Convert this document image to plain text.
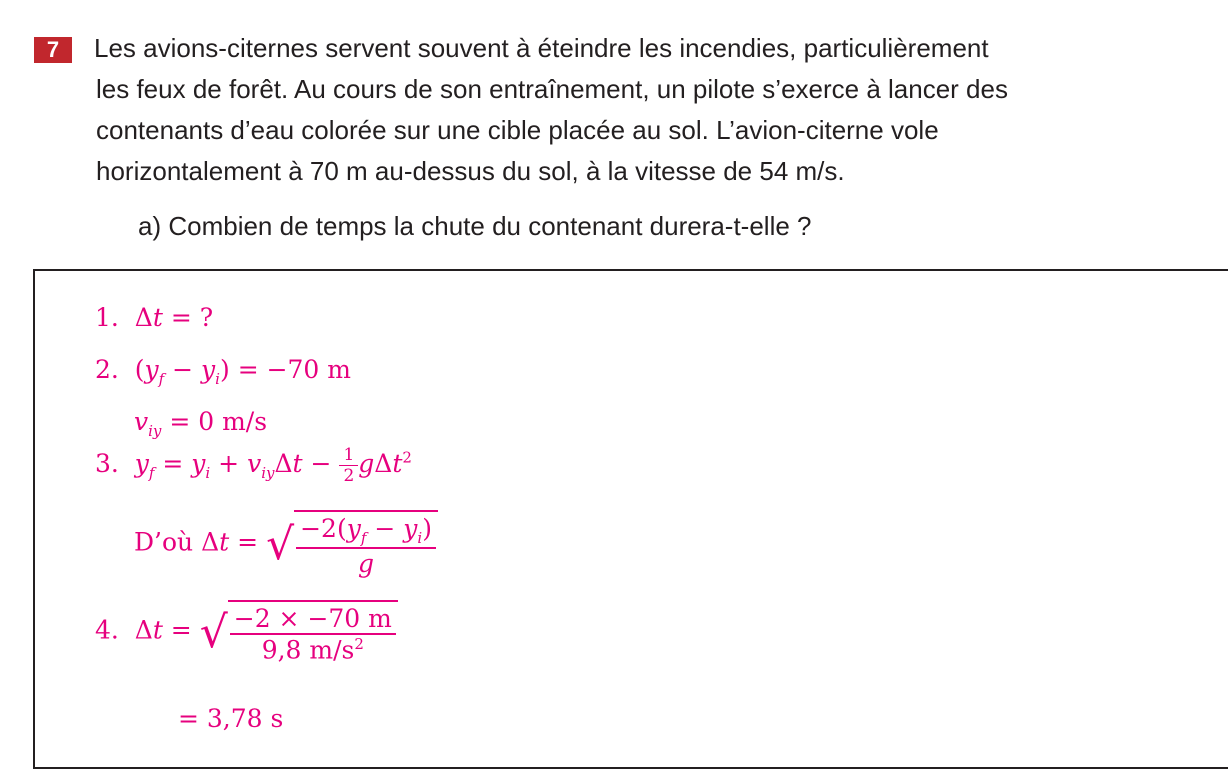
7	Les avions-citernes servent souvent à éteindre les incendies, particulièrement
les feux de forêt. Au cours de son entraînement, un pilote s’exerce à lancer des
contenants d’eau colorée sur une cible placée au sol. L’avion-citerne vole
horizontalement à 70 m au-dessus du sol, à la vitesse de 54 m/s.
a) Combien de temps la chute du contenant durera-t-elle ?
1.  Δt = ?
2.  $(y_f - y_i) = -70$ m
$v_{iy} = 0$ m/s
3. $y_f = y_i + v_{iy}\Delta t - \frac{1}{2} g\Delta t^2$
D’où Δt = √ $\frac{-2(y_f - y_i)}{g}$
4.  Δt = √ $\frac{-2 \times -70 m}{9,8 m/s^2}$
= 3,78 s
